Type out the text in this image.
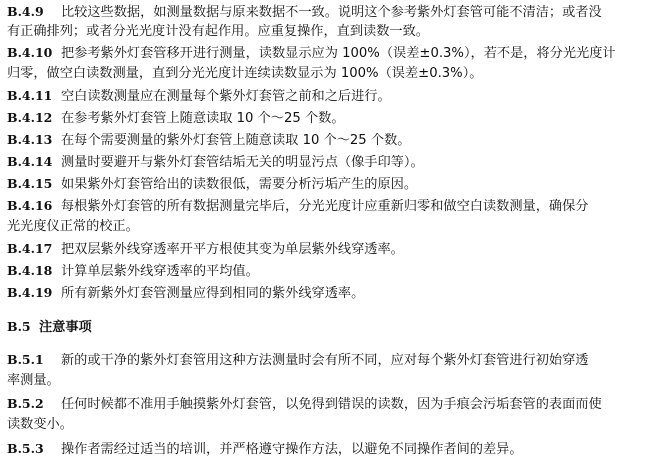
B.4.9 比较这些数据，如测量数据与原来数据不一致。说明这个参考紫外灯套管可能不清洁；或者没
有正确排列；或者分光光度计没有起作用。应重复操作，直到读数一致。
B.4.10 把参考紫外灯套管移开进行测量，读数显示应为 100%（误差±0.3%），若不是，将分光光度计
归零，做空白读数测量，直到分光光度计连续读数显示为 100%（误差±0.3%）。
B.4.11 空白读数测量应在测量每个紫外灯套管之前和之后进行。
B.4.12 在参考紫外灯套管上随意读取 10 个～25 个数。
B.4.13 在每个需要测量的紫外灯套管上随意读取 10 个～25 个数。
B.4.14 测量时要避开与紫外灯套管结垢无关的明显污点（像手印等）。
B.4.15 如果紫外灯套管给出的读数很低，需要分析污垢产生的原因。
B.4.16 每根紫外灯套管的所有数据测量完毕后，分光光度计应重新归零和做空白读数测量，确保分
光光度仪正常的校正。
B.4.17 把双层紫外线穿透率开平方根使其变为单层紫外线穿透率。
B.4.18 计算单层紫外线穿透率的平均值。
B.4.19 所有新紫外灯套管测量应得到相同的紫外线穿透率。
B.5 注意事项
B.5.1 新的或干净的紫外灯套管用这种方法测量时会有所不同，应对每个紫外灯套管进行初始穿透
率测量。
B.5.2 任何时候都不准用手触摸紫外灯套管，以免得到错误的读数，因为手痕会污垢套管的表面而使
读数变小。
B.5.3 操作者需经过适当的培训，并严格遵守操作方法，以避免不同操作者间的差异。
